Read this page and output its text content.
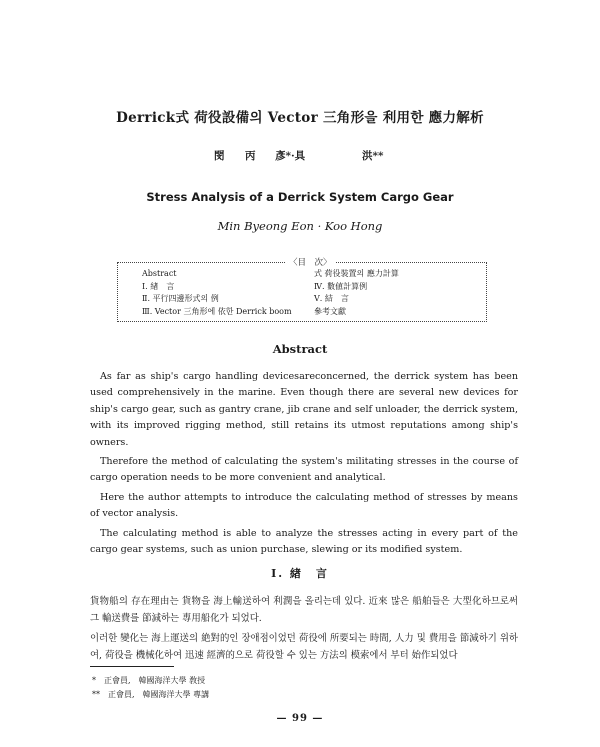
Derrick式 荷役設備의 Vector 三角形을 利用한 應力解析
閔 丙 彥*·具	洪**
Stress Analysis of a Derrick System Cargo Gear
Min Byeong Eon · Koo Hong
〈目　次〉
Abstract
Ⅰ. 緖　言
Ⅱ. 平行四邊形式의 例
Ⅲ. Vector 三角形에 依한 Derrick boom
式 荷役裝置의 應力計算
Ⅳ. 數値計算例
Ⅴ. 結　言
參考文獻
Abstract

As far as ship's cargo handling devicesareconcerned, the derrick system has been used comprehensively in the marine. Even though there are several new devices for ship's cargo gear, such as gantry crane, jib crane and self unloader, the derrick system, with its improved rigging method, still retains its utmost reputations among ship's owners.

Therefore the method of calculating the system's militating stresses in the course of cargo operation needs to be more convenient and analytical.

Here the author attempts to introduce the calculating method of stresses by means of vector analysis.

The calculating method is able to analyze the stresses acting in every part of the cargo gear systems, such as union purchase, slewing or its modified system.

Ⅰ. 緖　言

貨物船의 存在理由는 貨物을 海上輸送하여 利潤을 올리는데 있다. 近來 많은 船舶들은 大型化하므로써 그 輸送費를 節減하는 專用船化가 되었다.

이러한 變化는 海上運送의 絶對的인 장애점이었던 荷役에 所要되는 時間, 人力 및 費用을 節減하기 위하여, 荷役을 機械化하여 迅速 經濟的으로 荷役할 수 있는 方法의 模索에서 부터 始作되었다

*　正會員,　韓國海洋大學 敎授
**　正會員,　韓國海洋大學 專講
— 99 —
